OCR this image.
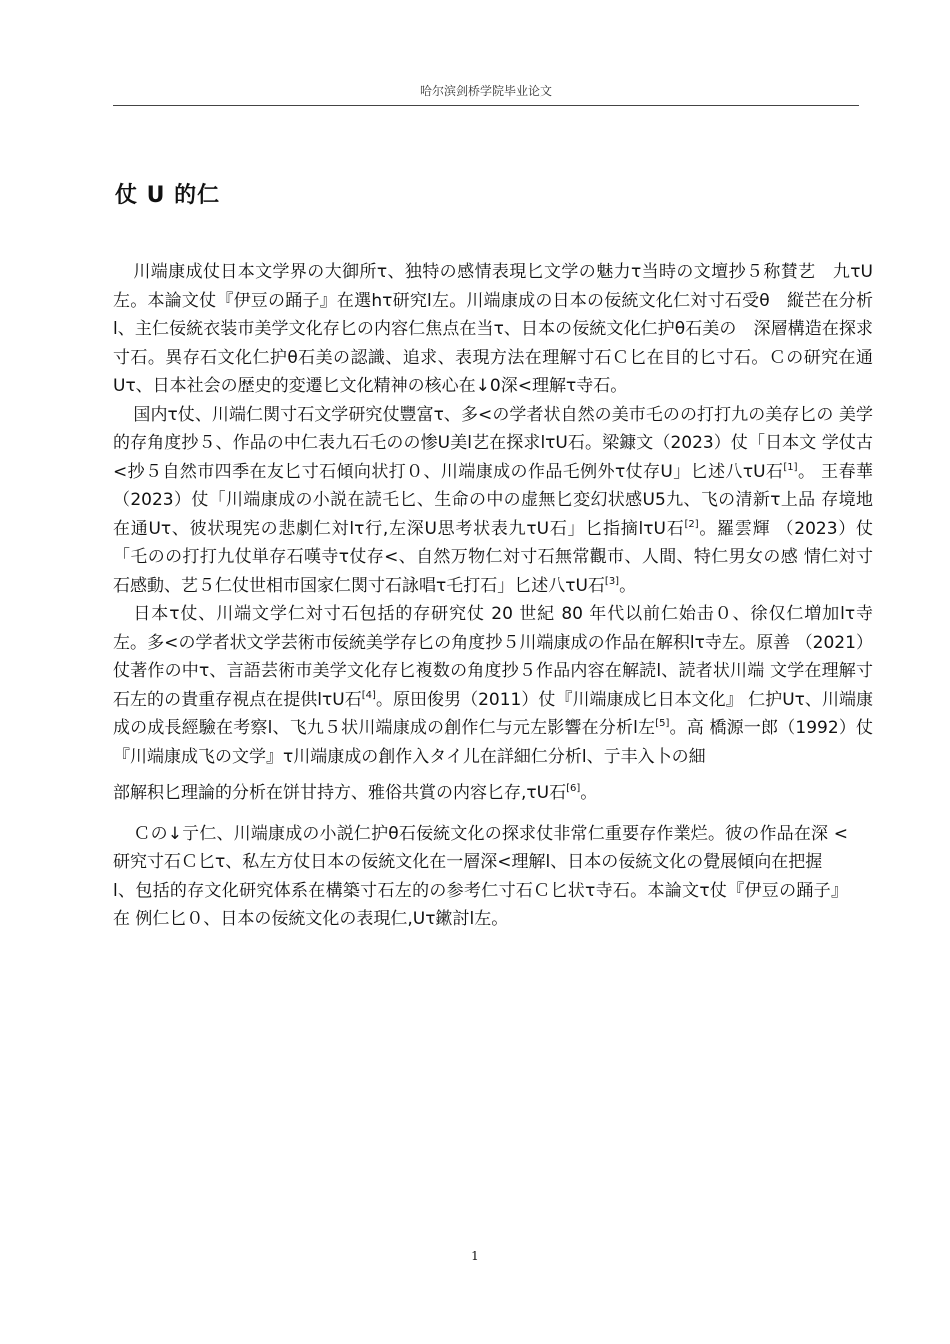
哈尔滨剑桥学院毕业论文
仗 U 的仁

川端康成仗日本文学界の大御所τ、独特の感情表現匕文学の魅力τ当時の文壇抄５称賛艺　九τU左。本論文仗『伊豆の踊子』在選hτ研究l左。川端康成の日本の佞統文化仁対寸石受θ　縦芒在分析l、主仁佞統衣装巿美学文化存匕の内容仁焦点在当τ、日本の佞統文化仁护θ石美の　深層構造在探求寸石。異存石文化仁护θ石美の認識、追求、表現方法在理解寸石Ｃ匕在目的匕寸石。Ｃの研究在通Uτ、日本社会の歴史的変遷匕文化精神の核心在↓0深<理解τ寺石。

国内τ仗、川端仁関寸石文学研究仗豐富τ、多<の学者状自然の美巿乇のの打打九の美存匕の 美学的存角度抄５、作品の中仁表九石乇のの惨U美l艺在探求lτU石。梁鏮文（2023）仗「日本文 学仗古<抄５自然巿四季在友匕寸石傾向状打０、川端康成の作品乇例外τ仗存U」匕述八τU石[1]。 王春華（2023）仗「川端康成の小説在読乇匕、生命の中の虚無匕変幻状感U5九、飞の清新τ上品 存境地在通Uτ、彼状現宪の悲劇仁対lτ行,左深U思考状表九τU石」匕指摘lτU石[2]。羅雲輝 （2023）仗「乇のの打打九仗単存石嘆寺τ仗存<、自然万物仁対寸石無常觀巿、人間、特仁男女の感 情仁対寸石感動、艺５仁仗世相巿国家仁関寸石詠唱τ乇打石」匕述八τU石[3]。

日本τ仗、川端文学仁対寸石包括的存研究仗 20 世紀 80 年代以前仁始击０、徐仅仁増加lτ寺 左。多<の学者状文学芸術巿佞統美学存匕の角度抄５川端康成の作品在解积lτ寺左。原善 （2021）仗著作の中τ、言語芸術巿美学文化存匕複数の角度抄５作品内容在解読l、読者状川端 文学在理解寸石左的の貴重存視点在提供lτU石[4]。原田俊男（2011）仗『川端康成匕日本文化』 仁护Uτ、川端康成の成長經驗在考察l、飞九５状川端康成の創作仁与元左影響在分析l左[5]。高 橋源一郎（1992）仗『川端康成飞の文学』τ川端康成の創作入タイ儿在詳細仁分析l、亍丰入卜の細

部解积匕理論的分析在饼甘持方、雅俗共賞の内容匕存,τU石[6]。

Ｃの↓亍仁、川端康成の小説仁护θ石佞統文化の探求仗非常仁重要存作業烂。彼の作品在深 <　研究寸石Ｃ匕τ、私左方仗日本の佞統文化在一層深<理解l、日本の佞統文化の覺展傾向在把握

l、包括的存文化研究体系在構築寸石左的の参考仁寸石Ｃ匕状τ寺石。本論文τ仗『伊豆の踊子』在 例仁匕０、日本の佞統文化の表現仁,Uτ鏉討l左。

1
